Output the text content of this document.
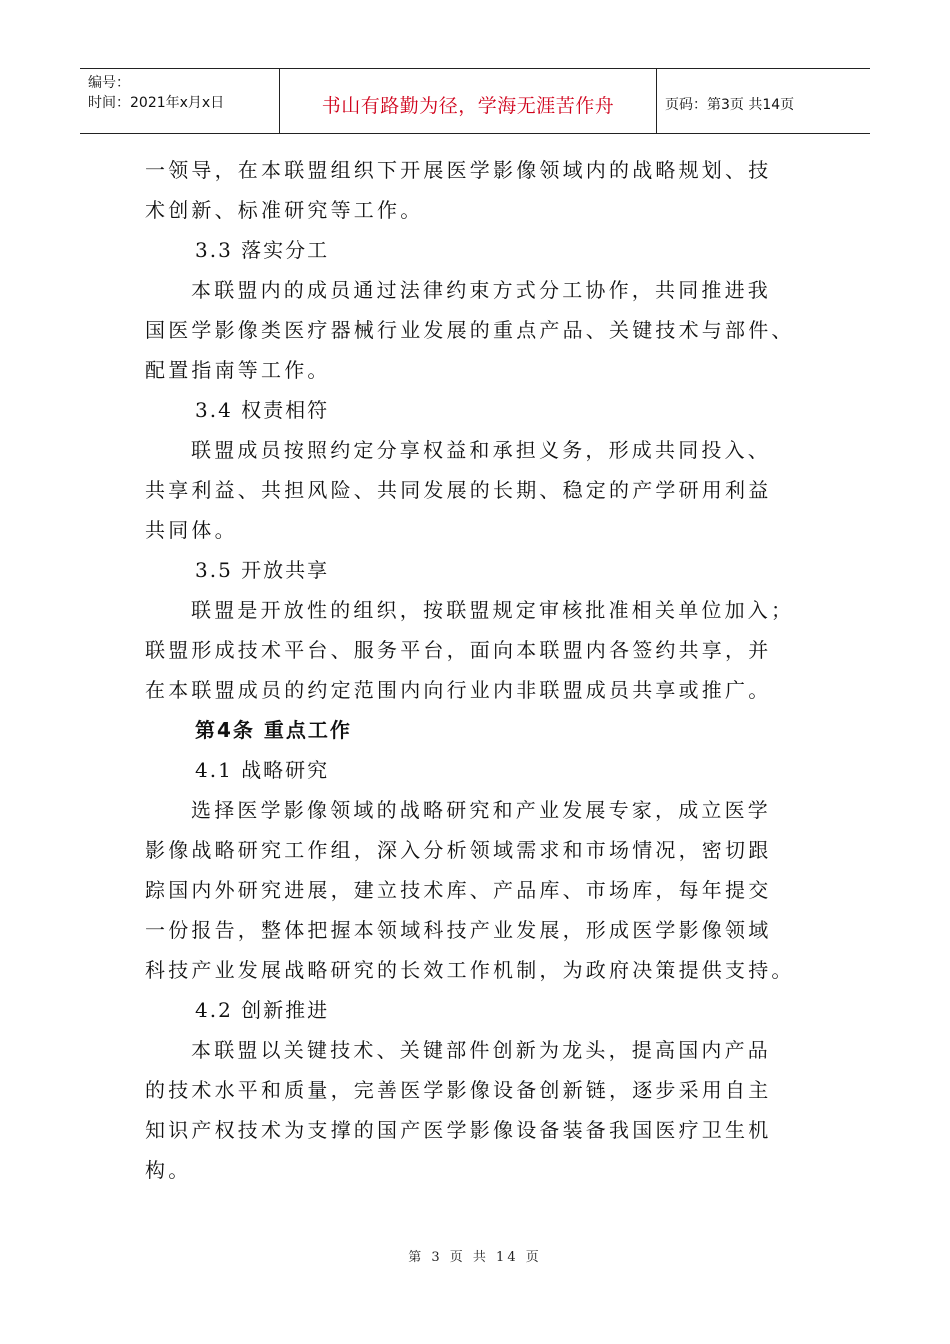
编号：
时间：2021年x月x日	书山有路勤为径，学海无涯苦作舟	页码：第3页 共14页

一领导，在本联盟组织下开展医学影像领域内的战略规划、技

术创新、标准研究等工作。

3.3 落实分工

本联盟内的成员通过法律约束方式分工协作，共同推进我

国医学影像类医疗器械行业发展的重点产品、关键技术与部件、

配置指南等工作。

3.4 权责相符

联盟成员按照约定分享权益和承担义务，形成共同投入、

共享利益、共担风险、共同发展的长期、稳定的产学研用利益

共同体。

3.5 开放共享

联盟是开放性的组织，按联盟规定审核批准相关单位加入；

联盟形成技术平台、服务平台，面向本联盟内各签约共享，并

在本联盟成员的约定范围内向行业内非联盟成员共享或推广。

第4条 重点工作

4.1 战略研究

选择医学影像领域的战略研究和产业发展专家，成立医学

影像战略研究工作组，深入分析领域需求和市场情况，密切跟

踪国内外研究进展，建立技术库、产品库、市场库，每年提交

一份报告，整体把握本领域科技产业发展，形成医学影像领域

科技产业发展战略研究的长效工作机制，为政府决策提供支持。

4.2 创新推进

本联盟以关键技术、关键部件创新为龙头，提高国内产品

的技术水平和质量，完善医学影像设备创新链，逐步采用自主

知识产权技术为支撑的国产医学影像设备装备我国医疗卫生机

构。

第 3 页 共 14 页
